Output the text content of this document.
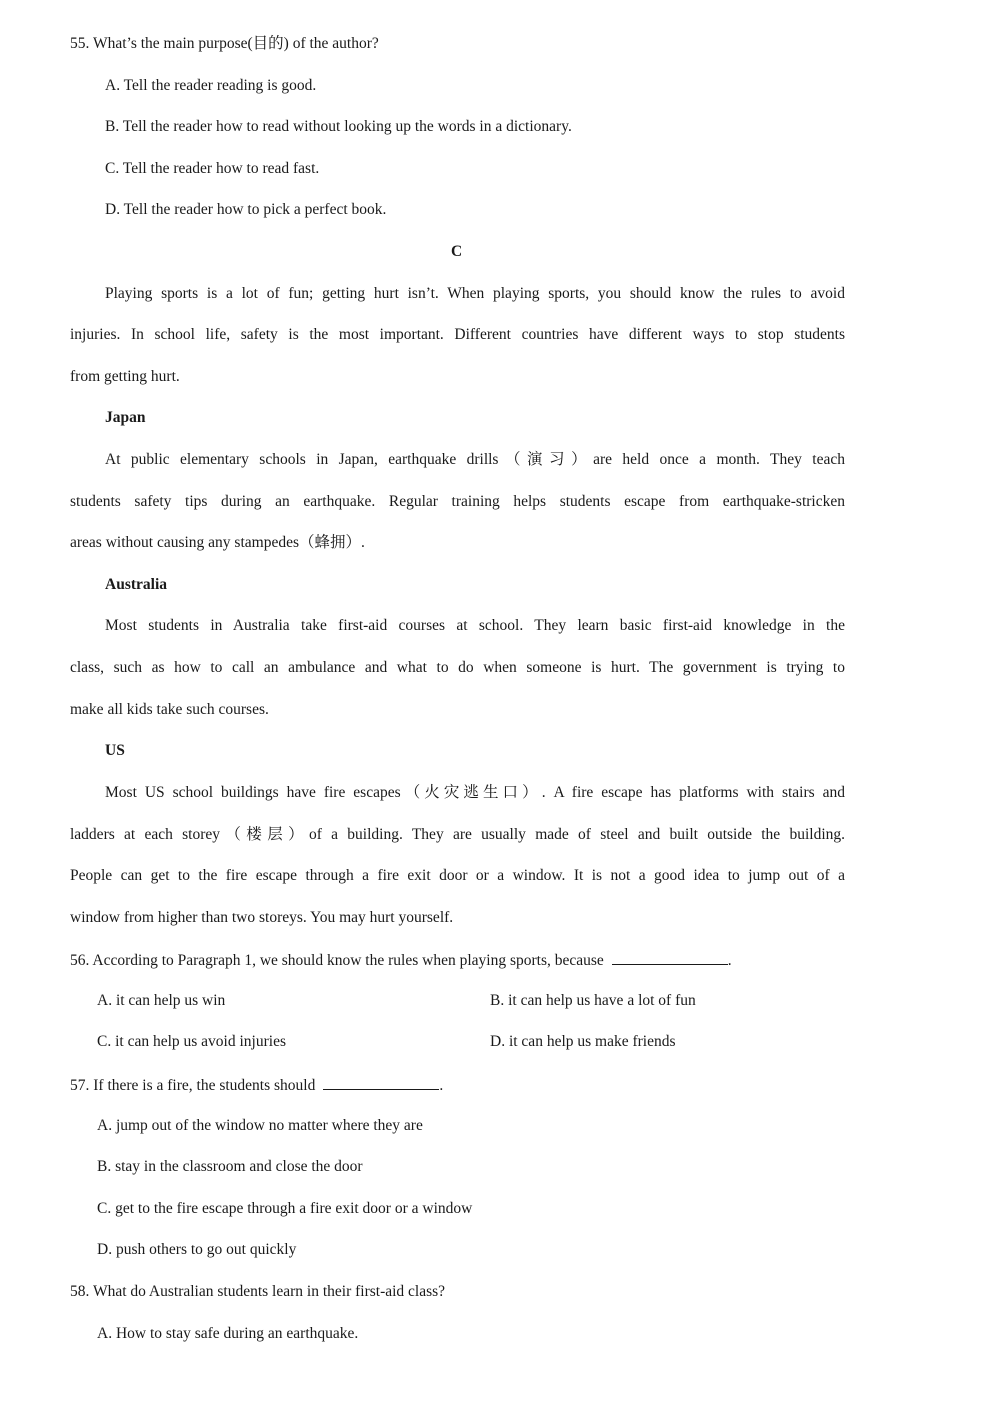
55. What’s the main purpose(目的) of the author?
A. Tell the reader reading is good.
B. Tell the reader how to read without looking up the words in a dictionary.
C. Tell the reader how to read fast.
D. Tell the reader how to pick a perfect book.
C
Playing sports is a lot of fun; getting hurt isn’t. When playing sports, you should know the rules to avoid
injuries. In school life, safety is the most important. Different countries have different ways to stop students
from getting hurt.
Japan
At public elementary schools in Japan, earthquake drills（演习）are held once a month. They teach
students safety tips during an earthquake. Regular training helps students escape from earthquake-stricken
areas without causing any stampedes（蜂拥）.
Australia
Most students in Australia take first-aid courses at school. They learn basic first-aid knowledge in the
class, such as how to call an ambulance and what to do when someone is hurt. The government is trying to
make all kids take such courses.
US
Most US school buildings have fire escapes（火灾逃生口）. A fire escape has platforms with stairs and
ladders at each storey（楼层）of a building. They are usually made of steel and built outside the building.
People can get to the fire escape through a fire exit door or a window. It is not a good idea to jump out of a
window from higher than two storeys. You may hurt yourself.
56. According to Paragraph 1, we should know the rules when playing sports, because	.
A. it can help us win	B. it can help us have a lot of fun
C. it can help us avoid injuries	D. it can help us make friends
57. If there is a fire, the students should	.
A. jump out of the window no matter where they are
B. stay in the classroom and close the door
C. get to the fire escape through a fire exit door or a window
D. push others to go out quickly
58. What do Australian students learn in their first-aid class?
A. How to stay safe during an earthquake.
